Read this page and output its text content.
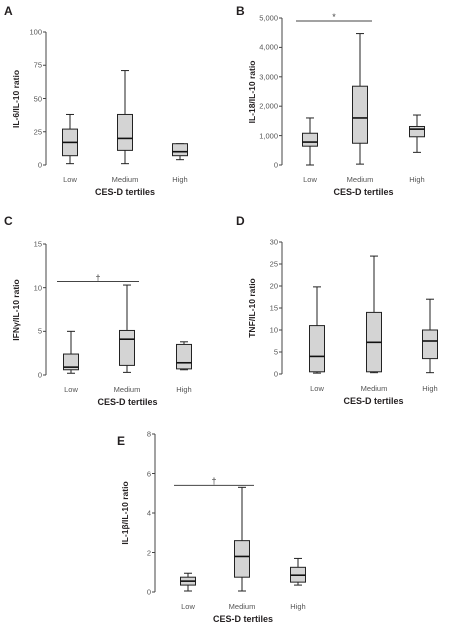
A
0
25
50
75
100
Low	Medium	High
IL-6/IL-10 ratio
CES-D tertiles
B
0
1,000
2,000
3,000
4,000
5,000
Low	Medium	High
*
IL-18/IL-10 ratio
CES-D tertiles
C
0
5
10
15
Low	Medium	High
†
IFNγ/IL-10 ratio
CES-D tertiles
D
0
5
10
15
20
25
30
Low	Medium	High
TNF/IL-10 ratio
CES-D tertiles
E
0
2
4
6
8
Low	Medium	High
†
IL-1β/IL-10 ratio
CES-D tertiles
